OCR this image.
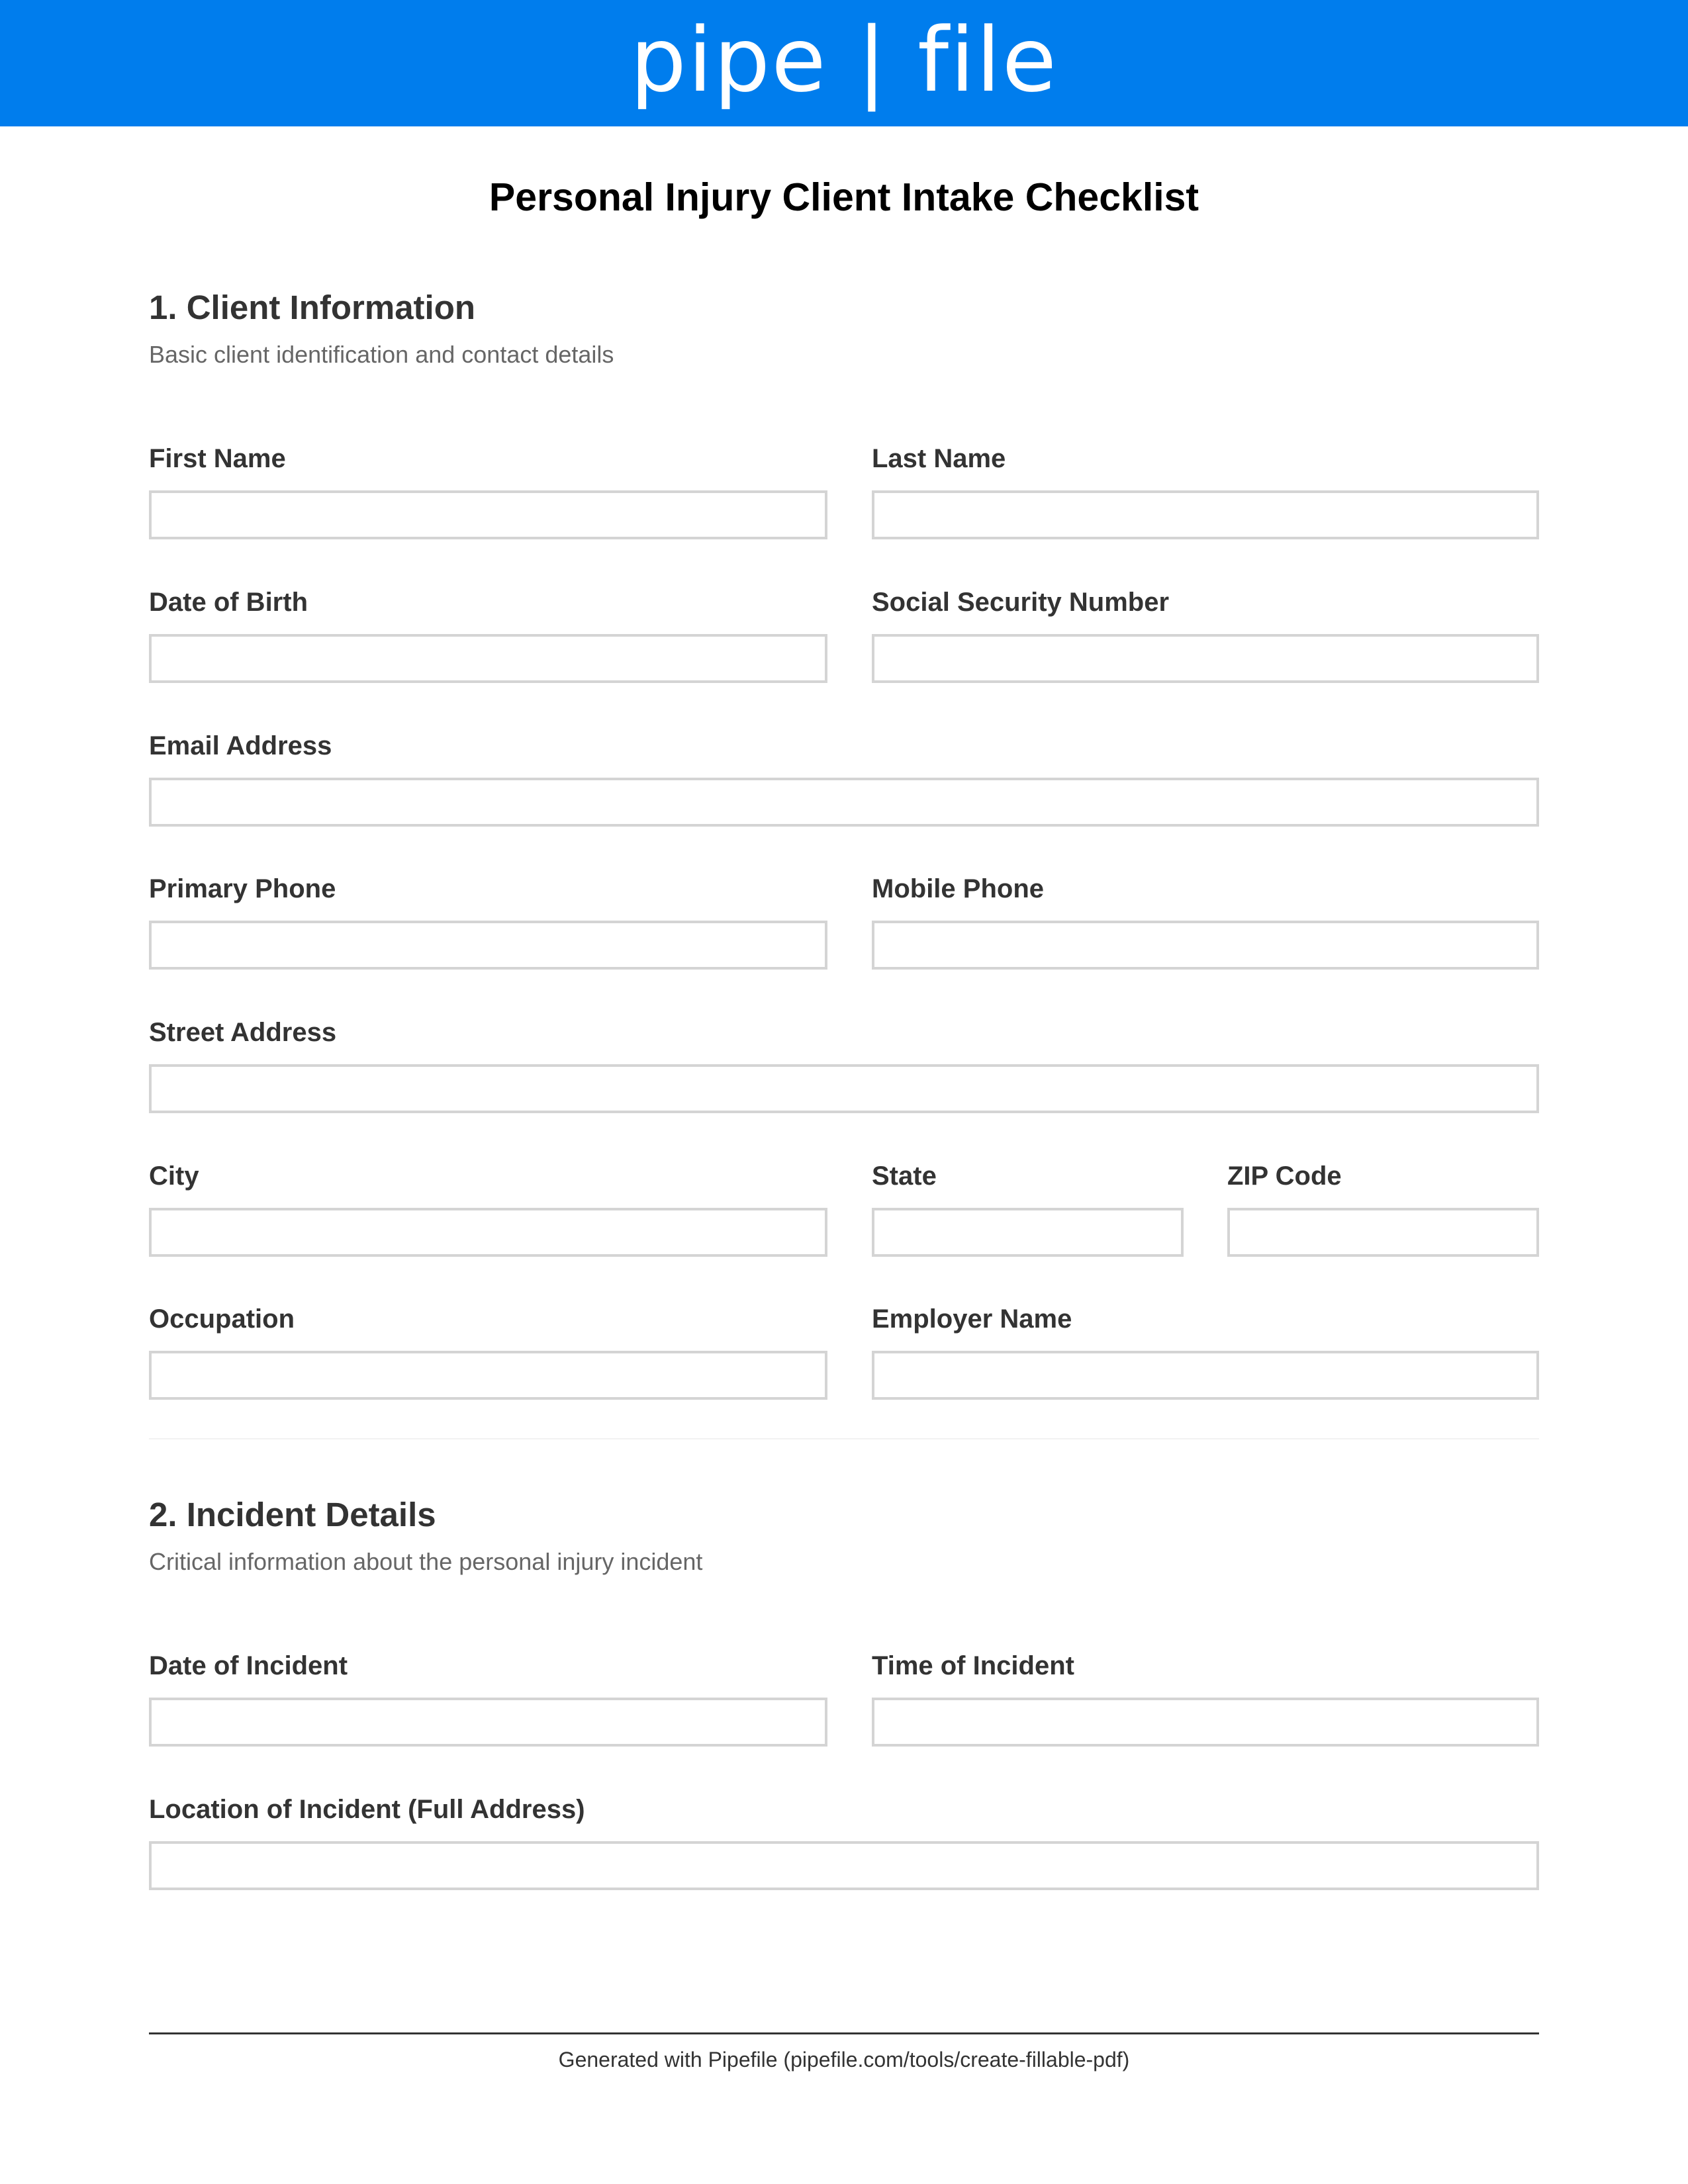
pipe | file
Personal Injury Client Intake Checklist
1. Client Information
Basic client identification and contact details
First Name	Last Name
Date of Birth	Social Security Number
Email Address
Primary Phone	Mobile Phone
Street Address
City	State	ZIP Code
Occupation	Employer Name
2. Incident Details
Critical information about the personal injury incident
Date of Incident	Time of Incident
Location of Incident (Full Address)
Generated with Pipefile (pipefile.com/tools/create-fillable-pdf)
